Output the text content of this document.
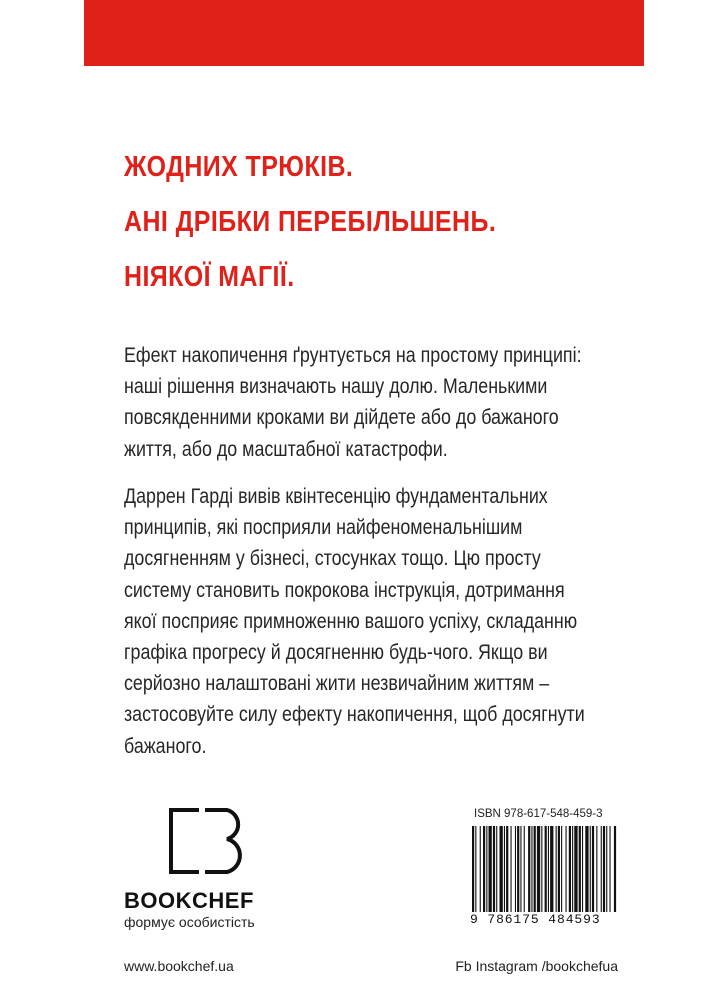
ЖОДНИХ ТРЮКІВ.

АНІ ДРІБКИ ПЕРЕБІЛЬШЕНЬ.

НІЯКОЇ МАГІЇ.

Ефект накопичення ґрунтується на простому принципі: наші рішення визначають нашу долю. Маленькими повсякденними кроками ви дійдете або до бажаного життя, або до масштабної катастрофи.

Даррен Гарді вивів квінтесенцію фундаментальних принципів, які посприяли найфеноменальнішим досягненням у бізнесі, стосунках тощо. Цю просту систему становить покрокова інструкція, дотримання якої посприяє примноженню вашого успіху, складанню графіка прогресу й досягненню будь-чого. Якщо ви серйозно налаштовані жити незвичайним життям – застосовуйте силу ефекту накопичення, щоб досягнути бажаного.

BOOKCHEF

формує особистість

ISBN 978-617-548-459-3

9 786175 484593

www.bookchef.ua	Fb Instagram /bookchefua
